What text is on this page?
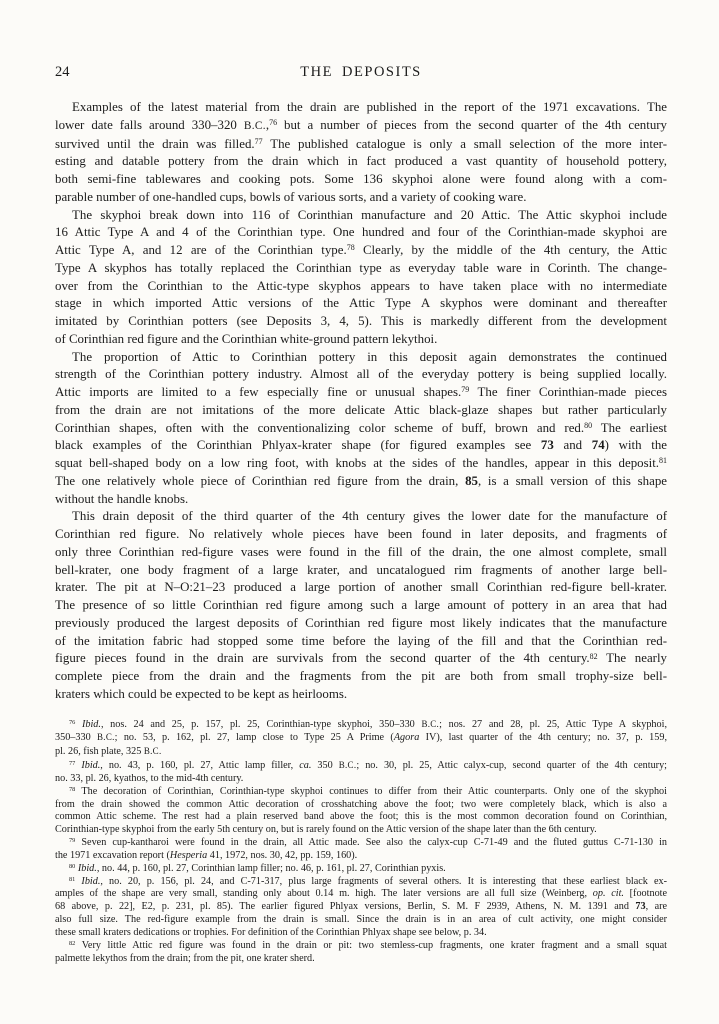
24	THE DEPOSITS
Examples of the latest material from the drain are published in the report of the 1971 excavations. The
lower date falls around 330–320 B.C.,$^{76}$ but a number of pieces from the second quarter of the 4th century
survived until the drain was filled.$^{77}$ The published catalogue is only a small selection of the more inter-
esting and datable pottery from the drain which in fact produced a vast quantity of household pottery,
both semi-fine tablewares and cooking pots. Some 136 skyphoi alone were found along with a com-
parable number of one-handled cups, bowls of various sorts, and a variety of cooking ware.
The skyphoi break down into 116 of Corinthian manufacture and 20 Attic. The Attic skyphoi include
16 Attic Type A and 4 of the Corinthian type. One hundred and four of the Corinthian-made skyphoi are
Attic Type A, and 12 are of the Corinthian type.$^{78}$ Clearly, by the middle of the 4th century, the Attic
Type A skyphos has totally replaced the Corinthian type as everyday table ware in Corinth. The change-
over from the Corinthian to the Attic-type skyphos appears to have taken place with no intermediate
stage in which imported Attic versions of the Attic Type A skyphos were dominant and thereafter
imitated by Corinthian potters (see Deposits 3, 4, 5). This is markedly different from the development
of Corinthian red figure and the Corinthian white-ground pattern lekythoi.
The proportion of Attic to Corinthian pottery in this deposit again demonstrates the continued
strength of the Corinthian pottery industry. Almost all of the everyday pottery is being supplied locally.
Attic imports are limited to a few especially fine or unusual shapes.$^{79}$ The finer Corinthian-made pieces
from the drain are not imitations of the more delicate Attic black-glaze shapes but rather particularly
Corinthian shapes, often with the conventionalizing color scheme of buff, brown and red.$^{80}$ The earliest
black examples of the Corinthian Phlyax-krater shape (for figured examples see 73 and 74) with the
squat bell-shaped body on a low ring foot, with knobs at the sides of the handles, appear in this deposit.$^{81}$
The one relatively whole piece of Corinthian red figure from the drain, 85, is a small version of this shape
without the handle knobs.
This drain deposit of the third quarter of the 4th century gives the lower date for the manufacture of
Corinthian red figure. No relatively whole pieces have been found in later deposits, and fragments of
only three Corinthian red-figure vases were found in the fill of the drain, the one almost complete, small
bell-krater, one body fragment of a large krater, and uncatalogued rim fragments of another large bell-
krater. The pit at N–O:21–23 produced a large portion of another small Corinthian red-figure bell-krater.
The presence of so little Corinthian red figure among such a large amount of pottery in an area that had
previously produced the largest deposits of Corinthian red figure most likely indicates that the manufacture
of the imitation fabric had stopped some time before the laying of the fill and that the Corinthian red-
figure pieces found in the drain are survivals from the second quarter of the 4th century.$^{82}$ The nearly
complete piece from the drain and the fragments from the pit are both from small trophy-size bell-
kraters which could be expected to be kept as heirlooms.
$^{76}$ Ibid., nos. 24 and 25, p. 157, pl. 25, Corinthian-type skyphoi, 350–330 B.C.; nos. 27 and 28, pl. 25, Attic Type A skyphoi,
350–330 B.C.; no. 53, p. 162, pl. 27, lamp close to Type 25 A Prime (Agora IV), last quarter of the 4th century; no. 37, p. 159,
pl. 26, fish plate, 325 B.C.
$^{77}$ Ibid., no. 43, p. 160, pl. 27, Attic lamp filler, ca. 350 B.C.; no. 30, pl. 25, Attic calyx-cup, second quarter of the 4th century;
no. 33, pl. 26, kyathos, to the mid-4th century.
$^{78}$ The decoration of Corinthian, Corinthian-type skyphoi continues to differ from their Attic counterparts. Only one of the skyphoi
from the drain showed the common Attic decoration of crosshatching above the foot; two were completely black, which is also a
common Attic scheme. The rest had a plain reserved band above the foot; this is the most common decoration found on Corinthian,
Corinthian-type skyphoi from the early 5th century on, but is rarely found on the Attic version of the shape later than the 6th century.
$^{79}$ Seven cup-kantharoi were found in the drain, all Attic made. See also the calyx-cup C-71-49 and the fluted guttus C-71-130 in
the 1971 excavation report (Hesperia 41, 1972, nos. 30, 42, pp. 159, 160).
$^{80}$ Ibid., no. 44, p. 160, pl. 27, Corinthian lamp filler; no. 46, p. 161, pl. 27, Corinthian pyxis.
$^{81}$ Ibid., no. 20, p. 156, pl. 24, and C-71-317, plus large fragments of several others. It is interesting that these earliest black ex-
amples of the shape are very small, standing only about 0.14 m. high. The later versions are all full size (Weinberg, op. cit. [footnote
68 above, p. 22], E2, p. 231, pl. 85). The earlier figured Phlyax versions, Berlin, S. M. F 2939, Athens, N. M. 1391 and 73, are
also full size. The red-figure example from the drain is small. Since the drain is in an area of cult activity, one might consider
these small kraters dedications or trophies. For definition of the Corinthian Phlyax shape see below, p. 34.
$^{82}$ Very little Attic red figure was found in the drain or pit: two stemless-cup fragments, one krater fragment and a small squat
palmette lekythos from the drain; from the pit, one krater sherd.
